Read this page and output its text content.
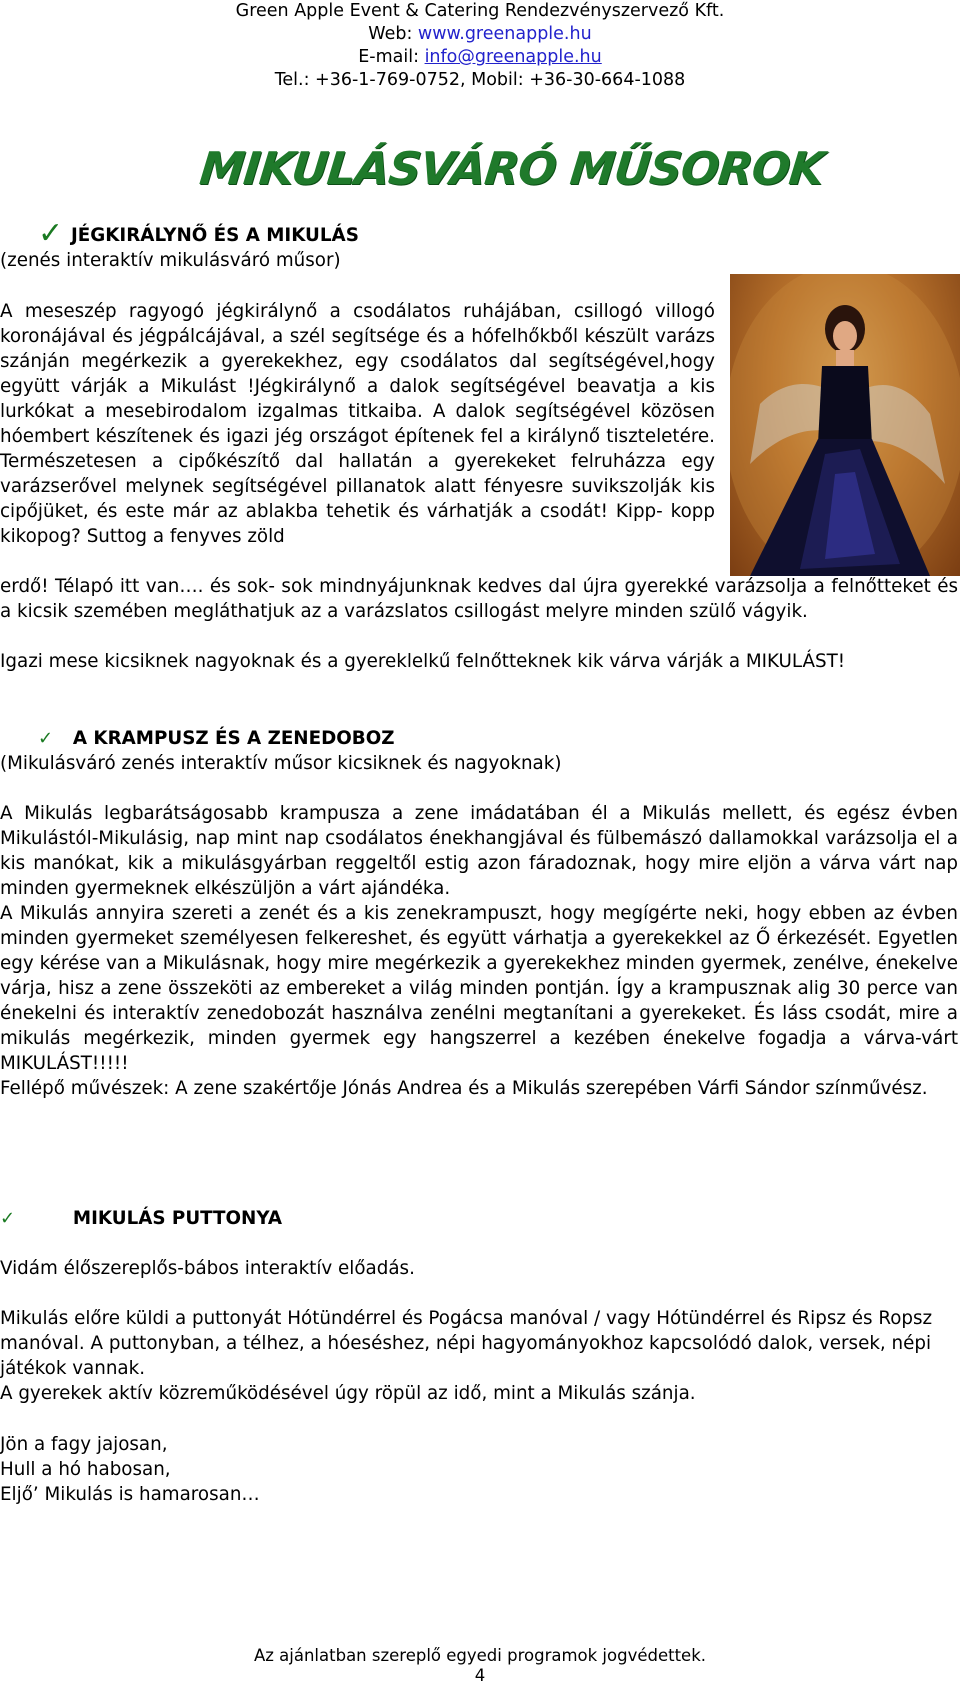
Green Apple Event & Catering Rendezvényszervező Kft.
Web: www.greenapple.hu
E-mail: info@greenapple.hu
Tel.: +36-1-769-0752, Mobil: +36-30-664-1088
MIKULÁSVÁRÓ MŰSOROK
✓ JÉGKIRÁLYNŐ ÉS A MIKULÁS
(zenés interaktív mikulásváró műsor)
A meseszép ragyogó jégkirálynő a csodálatos ruhájában, csillogó villogó koronájával és jégpálcájával, a szél segítsége és a hófelhőkből készült varázs szánján megérkezik a gyerekekhez, egy csodálatos dal segítségével,hogy együtt várják a Mikulást !Jégkirálynő a dalok segítségével beavatja a kis lurkókat a mesebirodalom izgalmas titkaiba. A dalok segítségével közösen hóembert készítenek és igazi jég országot építenek fel a királynő tiszteletére. Természetesen a cipőkészítő dal hallatán a gyerekeket felruházza egy varázserővel melynek segítségével pillanatok alatt fényesre suvikszolják kis cipőjüket, és este már az ablakba tehetik és várhatják a csodát! Kipp- kopp kikopog? Suttog a fenyves zöld
erdő! Télapó itt van…. és sok- sok mindnyájunknak kedves dal újra gyerekké varázsolja a felnőtteket és a kicsik szemében megláthatjuk az a varázslatos csillogást melyre minden szülő vágyik.
Igazi mese kicsiknek nagyoknak és a gyereklelkű felnőtteknek kik várva várják a MIKULÁST!
✓ A KRAMPUSZ ÉS A ZENEDOBOZ
(Mikulásváró zenés interaktív műsor kicsiknek és nagyoknak)

A Mikulás legbarátságosabb krampusza a zene imádatában él a Mikulás mellett, és egész évben Mikulástól-Mikulásig, nap mint nap csodálatos énekhangjával és fülbemászó dallamokkal varázsolja el a kis manókat, kik a mikulásgyárban reggeltől estig azon fáradoznak, hogy mire eljön a várva várt nap minden gyermeknek elkészüljön a várt ajándéka.

A Mikulás annyira szereti a zenét és a kis zenekrampuszt, hogy megígérte neki, hogy ebben az évben minden gyermeket személyesen felkereshet, és együtt várhatja a gyerekekkel az Ő érkezését. Egyetlen egy kérése van a Mikulásnak, hogy mire megérkezik a gyerekekhez minden gyermek, zenélve, énekelve várja, hisz a zene összeköti az embereket a világ minden pontján. Így a krampusznak alig 30 perce van énekelni és interaktív zenedobozát használva zenélni megtanítani a gyerekeket. És láss csodát, mire a mikulás megérkezik, minden gyermek egy hangszerrel a kezében énekelve fogadja a várva-várt MIKULÁST!!!!!

Fellépő művészek: A zene szakértője Jónás Andrea és a Mikulás szerepében Várfi Sándor színművész.

✓	MIKULÁS PUTTONYA
Vidám élőszereplős-bábos interaktív előadás.

Mikulás előre küldi a puttonyát Hótündérrel és Pogácsa manóval / vagy Hótündérrel és Ripsz és Ropsz manóval. A puttonyban, a télhez, a hóeséshez, népi hagyományokhoz kapcsolódó dalok, versek, népi játékok vannak.

A gyerekek aktív közreműködésével úgy röpül az idő, mint a Mikulás szánja.

Jön a fagy jajosan,
Hull a hó habosan,
Eljő’ Mikulás is hamarosan…
Az ajánlatban szereplő egyedi programok jogvédettek.
4
